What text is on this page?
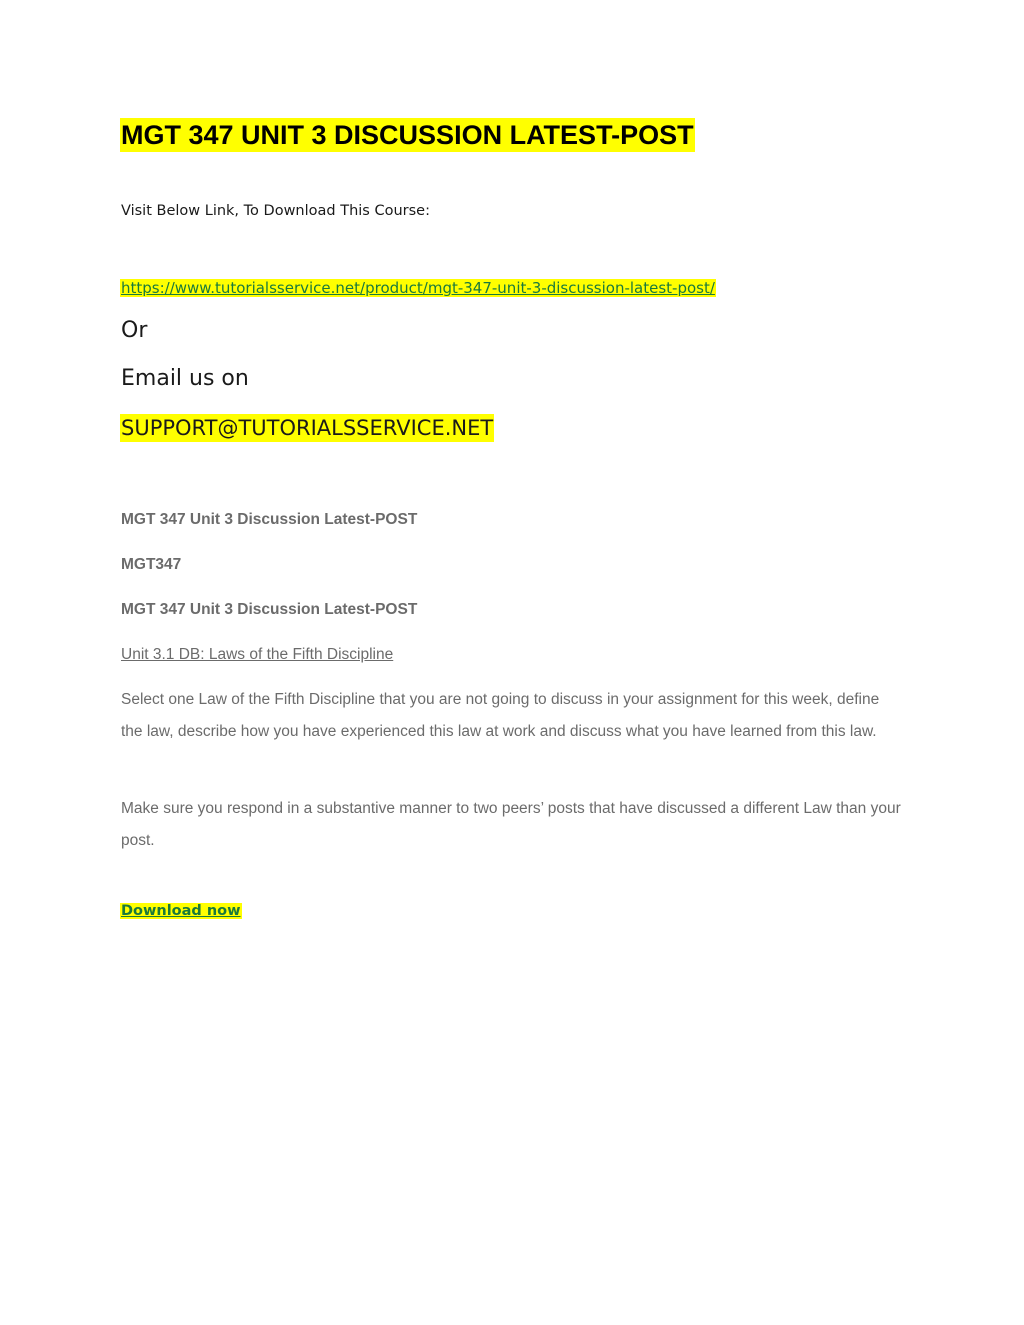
MGT 347 UNIT 3 DISCUSSION LATEST-POST
Visit Below Link, To Download This Course:
https://www.tutorialsservice.net/product/mgt-347-unit-3-discussion-latest-post/
Or
Email us on
SUPPORT@TUTORIALSSERVICE.NET
MGT 347 Unit 3 Discussion Latest-POST
MGT347
MGT 347 Unit 3 Discussion Latest-POST
Unit 3.1 DB: Laws of the Fifth Discipline

Select one Law of the Fifth Discipline that you are not going to discuss in your assignment for this week, define the law, describe how you have experienced this law at work and discuss what you have learned from this law.

Make sure you respond in a substantive manner to two peers’ posts that have discussed a different Law than your post.

Download now
